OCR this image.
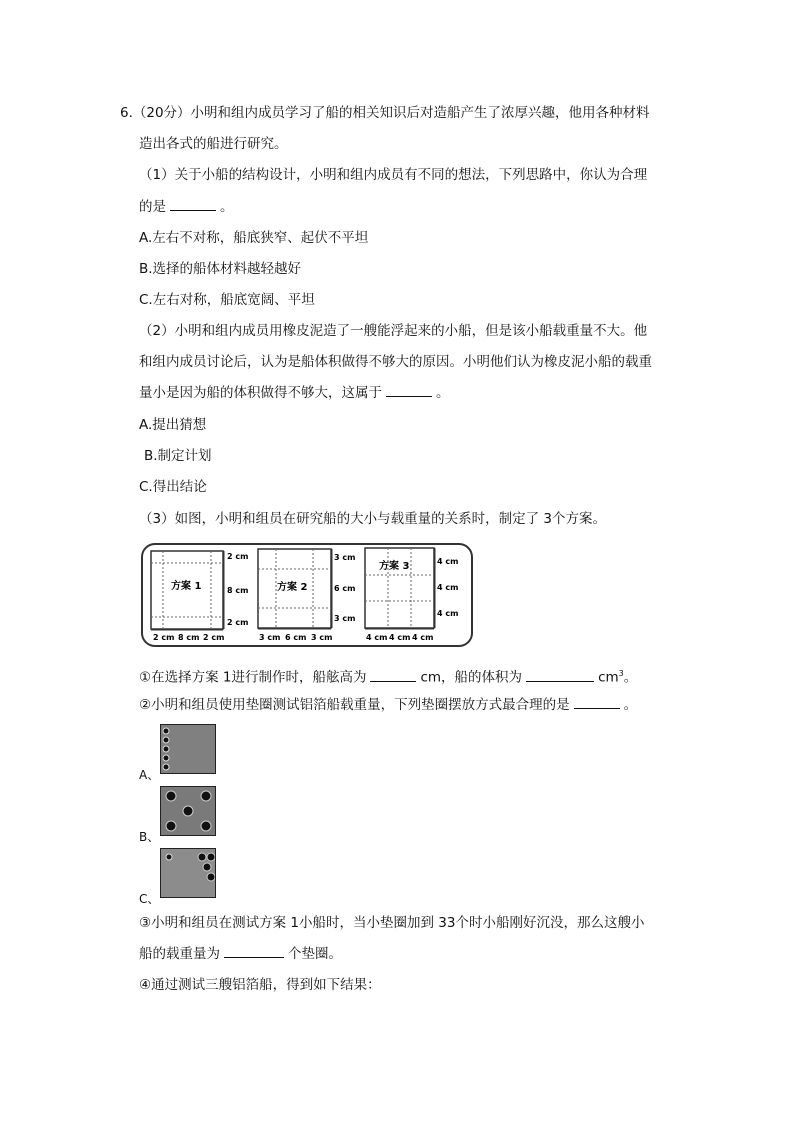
6.（20分）小明和组内成员学习了船的相关知识后对造船产生了浓厚兴趣，他用各种材料
造出各式的船进行研究。
（1）关于小船的结构设计，小明和组内成员有不同的想法，下列思路中，你认为合理
的是	。
A.左右不对称，船底狭窄、起伏不平坦
B.选择的船体材料越轻越好
C.左右对称，船底宽阔、平坦
（2）小明和组内成员用橡皮泥造了一艘能浮起来的小船，但是该小船载重量不大。他
和组内成员讨论后，认为是船体积做得不够大的原因。小明他们认为橡皮泥小船的载重
量小是因为船的体积做得不够大，这属于	。
A.提出猜想
B.制定计划
C.得出结论
（3）如图，小明和组员在研究船的大小与载重量的关系时，制定了 3个方案。
方案 1
2 cm
8 cm
2 cm
2 cm 8 cm 2 cm
方案 2
3 cm
6 cm
3 cm
3 cm 6 cm 3 cm
方案 3	4 cm
4 cm
4 cm
4 cm 4 cm 4 cm
①在选择方案 1进行制作时，船舷高为	cm，船的体积为	$cm^3$。
②小明和组员使用垫圈测试铝箔船载重量，下列垫圈摆放方式最合理的是	。
A、
B、
C、
③小明和组员在测试方案 1小船时，当小垫圈加到 33个时小船刚好沉没，那么这艘小
船的载重量为	个垫圈。
④通过测试三艘铝箔船，得到如下结果：
